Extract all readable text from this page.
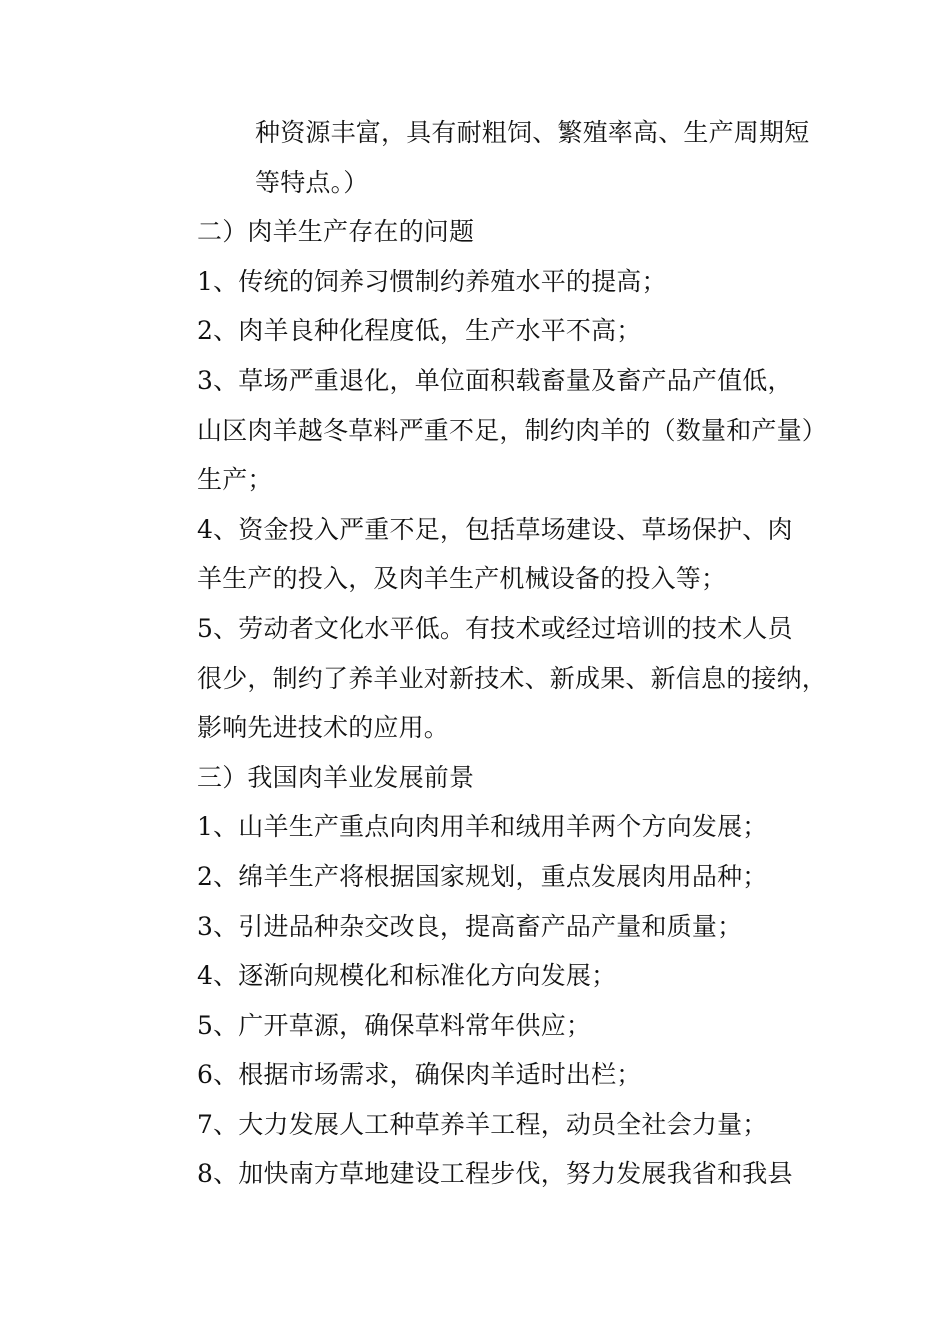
种资源丰富，具有耐粗饲、繁殖率高、生产周期短
等特点。）
二）肉羊生产存在的问题
1、传统的饲养习惯制约养殖水平的提高；
2、肉羊良种化程度低，生产水平不高；
3、草场严重退化，单位面积载畜量及畜产品产值低，
山区肉羊越冬草料严重不足，制约肉羊的（数量和产量）
生产；
4、资金投入严重不足，包括草场建设、草场保护、肉
羊生产的投入，及肉羊生产机械设备的投入等；
5、劳动者文化水平低。有技术或经过培训的技术人员
很少，制约了养羊业对新技术、新成果、新信息的接纳，
影响先进技术的应用。
三）我国肉羊业发展前景
1、山羊生产重点向肉用羊和绒用羊两个方向发展；
2、绵羊生产将根据国家规划，重点发展肉用品种；
3、引进品种杂交改良，提高畜产品产量和质量；
4、逐渐向规模化和标准化方向发展；
5、广开草源，确保草料常年供应；
6、根据市场需求，确保肉羊适时出栏；
7、大力发展人工种草养羊工程，动员全社会力量；
8、加快南方草地建设工程步伐，努力发展我省和我县
